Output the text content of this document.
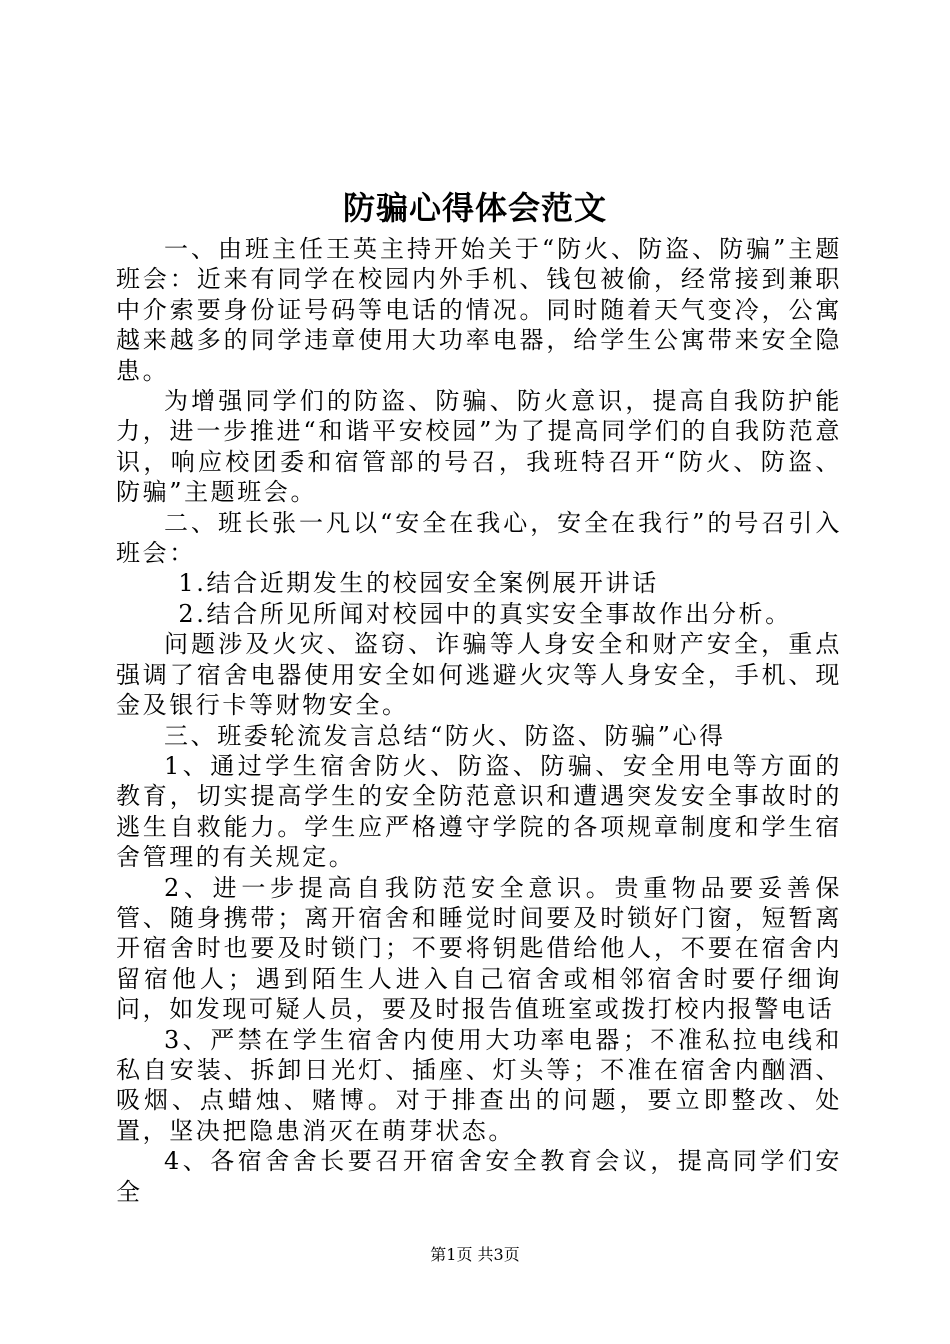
防骗心得体会范文

一、由班主任王英主持开始关于“防火、防盗、防骗”主题班会：近来有同学在校园内外手机、钱包被偷，经常接到兼职中介索要身份证号码等电话的情况。同时随着天气变冷，公寓越来越多的同学违章使用大功率电器，给学生公寓带来安全隐患。

为增强同学们的防盗、防骗、防火意识，提高自我防护能力，进一步推进“和谐平安校园”为了提高同学们的自我防范意识，响应校团委和宿管部的号召，我班特召开“防火、防盗、防骗”主题班会。

二、班长张一凡以“安全在我心，安全在我行”的号召引入班会：

1.结合近期发生的校园安全案例展开讲话

2.结合所见所闻对校园中的真实安全事故作出分析。

问题涉及火灾、盗窃、诈骗等人身安全和财产安全，重点强调了宿舍电器使用安全如何逃避火灾等人身安全，手机、现金及银行卡等财物安全。

三、班委轮流发言总结“防火、防盗、防骗”心得

1、通过学生宿舍防火、防盗、防骗、安全用电等方面的教育，切实提高学生的安全防范意识和遭遇突发安全事故时的逃生自救能力。学生应严格遵守学院的各项规章制度和学生宿舍管理的有关规定。

2、进一步提高自我防范安全意识。贵重物品要妥善保管、随身携带；离开宿舍和睡觉时间要及时锁好门窗，短暂离开宿舍时也要及时锁门；不要将钥匙借给他人，不要在宿舍内留宿他人；遇到陌生人进入自己宿舍或相邻宿舍时要仔细询问，如发现可疑人员，要及时报告值班室或拨打校内报警电话

3、严禁在学生宿舍内使用大功率电器；不准私拉电线和私自安装、拆卸日光灯、插座、灯头等；不准在宿舍内酗酒、吸烟、点蜡烛、赌博。对于排查出的问题，要立即整改、处置，坚决把隐患消灭在萌芽状态。

4、各宿舍舍长要召开宿舍安全教育会议，提高同学们安全

第1页 共3页
